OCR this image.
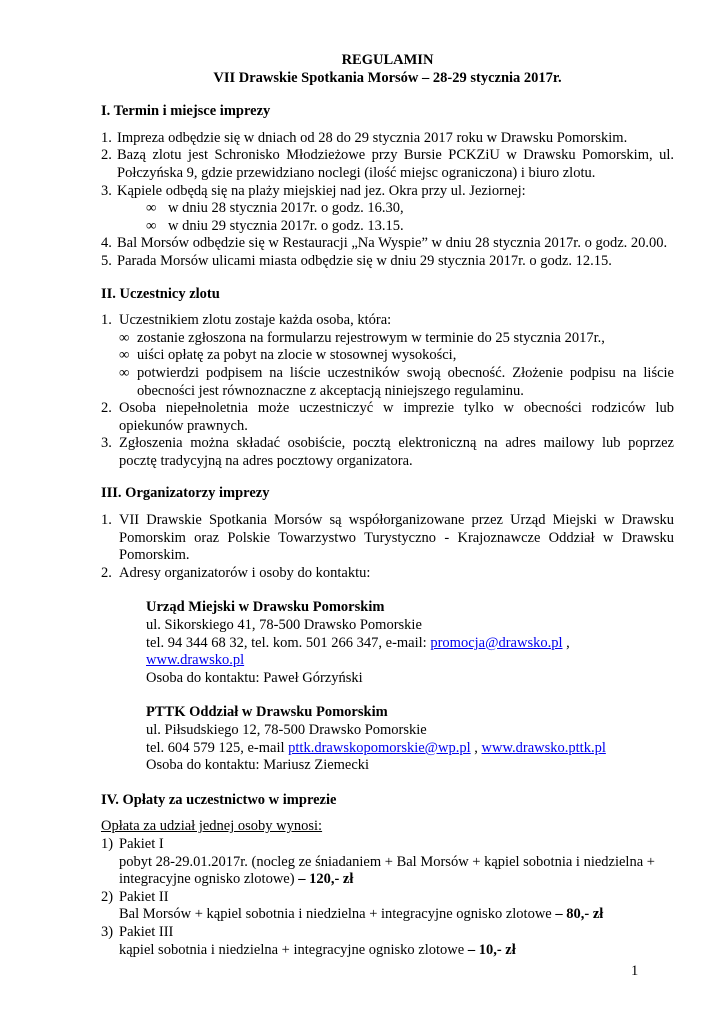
REGULAMIN
VII Drawskie Spotkania Morsów – 28-29 stycznia 2017r.
I. Termin i miejsce imprezy
1. Impreza odbędzie się w dniach od 28 do 29 stycznia 2017 roku w Drawsku Pomorskim.
2. Bazą zlotu jest Schronisko Młodzieżowe przy Bursie PCKZiU w Drawsku Pomorskim, ul. Połczyńska 9, gdzie przewidziano noclegi (ilość miejsc ograniczona) i biuro zlotu.
3. Kąpiele odbędą się na plaży miejskiej nad jez. Okra przy ul. Jeziornej:
∞ w dniu 28 stycznia 2017r. o godz. 16.30,
∞ w dniu 29 stycznia 2017r. o godz. 13.15.
4. Bal Morsów odbędzie się w Restauracji „Na Wyspie” w dniu 28 stycznia 2017r. o godz. 20.00.
5. Parada Morsów ulicami miasta odbędzie się w dniu 29 stycznia 2017r. o godz. 12.15.
II. Uczestnicy zlotu
1. Uczestnikiem zlotu zostaje każda osoba, która:
∞ zostanie zgłoszona na formularzu rejestrowym w terminie do 25 stycznia 2017r.,
∞ uiści opłatę za pobyt na zlocie w stosownej wysokości,
∞ potwierdzi podpisem na liście uczestników swoją obecność. Złożenie podpisu na liście obecności jest równoznaczne z akceptacją niniejszego regulaminu.
2. Osoba niepełnoletnia może uczestniczyć w imprezie tylko w obecności rodziców lub opiekunów prawnych.
3. Zgłoszenia można składać osobiście, pocztą elektroniczną na adres mailowy lub poprzez pocztę tradycyjną na adres pocztowy organizatora.
III. Organizatorzy imprezy
1. VII Drawskie Spotkania Morsów są współorganizowane przez Urząd Miejski w Drawsku Pomorskim oraz Polskie Towarzystwo Turystyczno - Krajoznawcze Oddział w Drawsku Pomorskim.
2. Adresy organizatorów i osoby do kontaktu:
Urząd Miejski w Drawsku Pomorskim
ul. Sikorskiego 41, 78-500 Drawsko Pomorskie
tel. 94 344 68 32, tel. kom. 501 266 347, e-mail: promocja@drawsko.pl ,
www.drawsko.pl
Osoba do kontaktu: Paweł Górzyński
PTTK Oddział w Drawsku Pomorskim
ul. Piłsudskiego 12, 78-500 Drawsko Pomorskie
tel. 604 579 125, e-mail pttk.drawskopomorskie@wp.pl , www.drawsko.pttk.pl
Osoba do kontaktu: Mariusz Ziemecki
IV. Opłaty za uczestnictwo w imprezie
Opłata za udział jednej osoby wynosi:
1) Pakiet I
pobyt 28-29.01.2017r. (nocleg ze śniadaniem + Bal Morsów + kąpiel sobotnia i niedzielna + integracyjne ognisko zlotowe) – 120,- zł
2) Pakiet II
Bal Morsów + kąpiel sobotnia i niedzielna + integracyjne ognisko zlotowe – 80,- zł
3) Pakiet III
kąpiel sobotnia i niedzielna + integracyjne ognisko zlotowe – 10,- zł
1
